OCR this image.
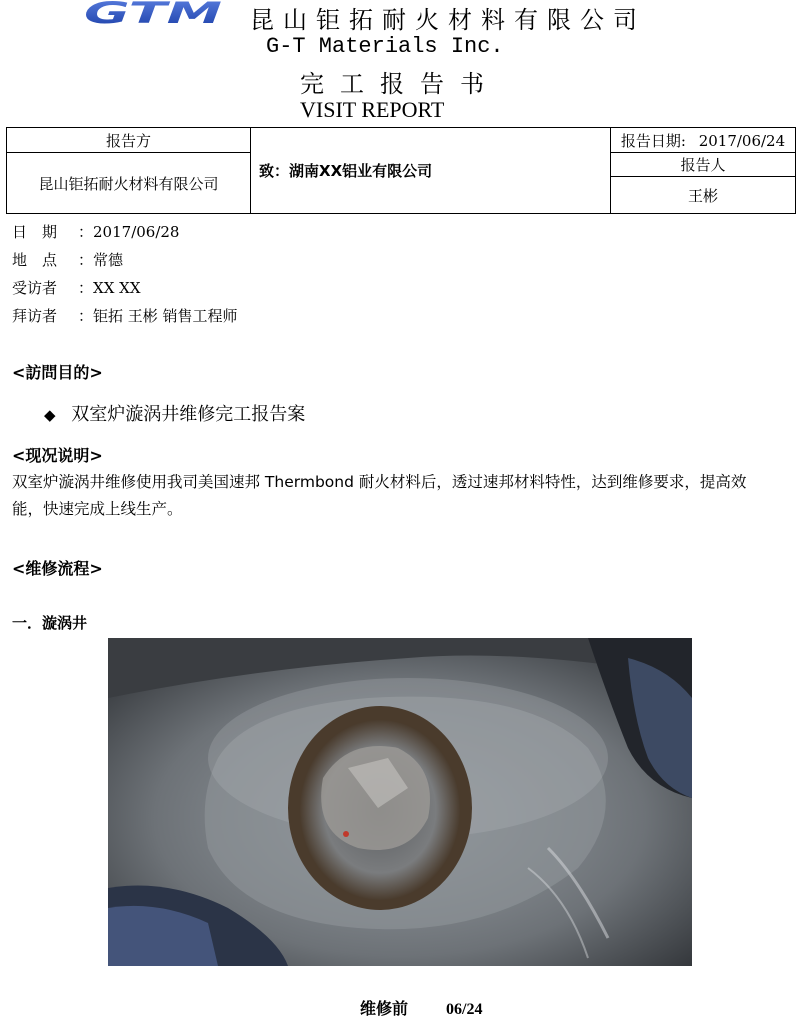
GTM 昆山钜拓耐火材料有限公司
G-T Materials Inc.
完工报告书
VISIT REPORT
报告方	致：湖南XX铝业有限公司	报告日期: 2017/06/24
昆山钜拓耐火材料有限公司		报告人
		王彬
日　期 ：2017/06/28
地　点 ：常德
受访者 ：XX XX
拜访者 ：钜拓 王彬 销售工程师
<訪問目的>
◆ 双室炉漩涡井维修完工报告案
<现况说明>
双室炉漩涡井维修使用我司美国速邦 Thermbond 耐火材料后，透过速邦材料特性，达到维修要求，提高效能，快速完成上线生产。
<维修流程>
一．漩涡井
维修前 06/24
